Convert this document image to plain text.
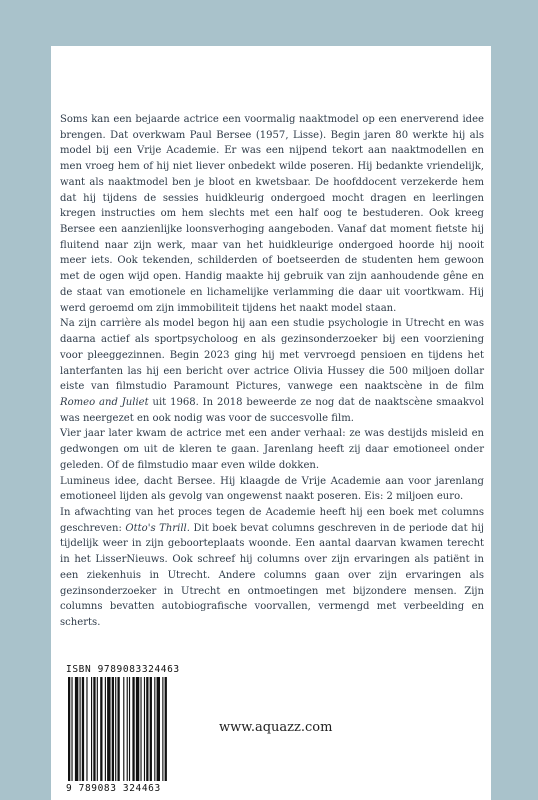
Soms kan een bejaarde actrice een voormalig naaktmodel op een enerverend idee brengen. Dat overkwam Paul Bersee (1957, Lisse). Begin jaren 80 werkte hij als model bij een Vrije Academie. Er was een nijpend tekort aan naaktmodellen en men vroeg hem of hij niet liever onbedekt wilde poseren. Hij bedankte vriendelijk, want als naaktmodel ben je bloot en kwetsbaar. De hoofddocent verzekerde hem dat hij tijdens de sessies huidkleurig ondergoed mocht dragen en leerlingen kregen instructies om hem slechts met een half oog te bestuderen. Ook kreeg Bersee een aanzienlijke loonsverhoging aangeboden. Vanaf dat moment fietste hij fluitend naar zijn werk, maar van het huidkleurige ondergoed hoorde hij nooit meer iets. Ook tekenden, schilderden of boetseerden de studenten hem gewoon met de ogen wijd open. Handig maakte hij gebruik van zijn aanhoudende gêne en de staat van emotionele en lichamelijke verlamming die daar uit voortkwam. Hij werd geroemd om zijn immobiliteit tijdens het naakt model staan.

Na zijn carrière als model begon hij aan een studie psychologie in Utrecht en was daarna actief als sportpsycholoog en als gezinsonderzoeker bij een voorziening voor pleeggezinnen. Begin 2023 ging hij met vervroegd pensioen en tijdens het lanterfanten las hij een bericht over actrice Olivia Hussey die 500 miljoen dollar eiste van filmstudio Paramount Pictures, vanwege een naaktscène in de film Romeo and Juliet uit 1968. In 2018 beweerde ze nog dat de naaktscène smaakvol was neergezet en ook nodig was voor de succesvolle film.

Vier jaar later kwam de actrice met een ander verhaal: ze was destijds misleid en gedwongen om uit de kleren te gaan. Jarenlang heeft zij daar emotioneel onder geleden. Of de filmstudio maar even wilde dokken.

Lumineus idee, dacht Bersee. Hij klaagde de Vrije Academie aan voor jarenlang emotioneel lijden als gevolg van ongewenst naakt poseren. Eis: 2 miljoen euro.

In afwachting van het proces tegen de Academie heeft hij een boek met columns geschreven: Otto's Thrill. Dit boek bevat columns geschreven in de periode dat hij tijdelijk weer in zijn geboorteplaats woonde. Een aantal daarvan kwamen terecht in het LisserNieuws. Ook schreef hij columns over zijn ervaringen als patiënt in een ziekenhuis in Utrecht. Andere columns gaan over zijn ervaringen als gezinsonderzoeker in Utrecht en ontmoetingen met bijzondere mensen. Zijn columns bevatten autobiografische voorvallen, vermengd met verbeelding en scherts.

ISBN 9789083324463
9 789083 324463
www.aquazz.com
